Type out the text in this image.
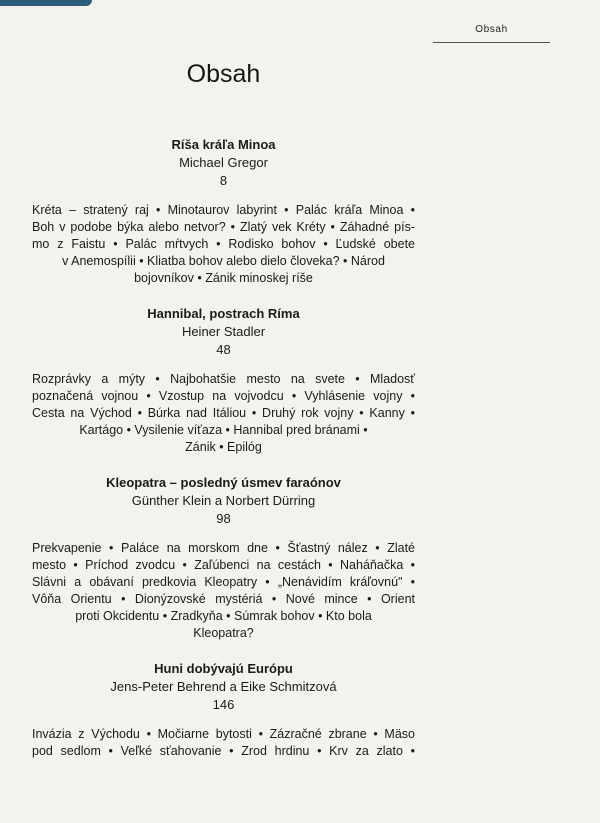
Obsah
Obsah
Ríša kráľa Minoa
Michael Gregor
8
Kréta – stratený raj • Minotaurov labyrint • Palác kráľa Minoa •
Boh v podobe býka alebo netvor? • Zlatý vek Kréty • Záhadné pís-
mo z Faistu • Palác mŕtvych • Rodisko bohov • Ľudské obete
v Anemospílii • Kliatba bohov alebo dielo človeka? • Národ
bojovníkov • Zánik minoskej ríše
Hannibal, postrach Ríma
Heiner Stadler
48
Rozprávky a mýty • Najbohatšie mesto na svete • Mladosť
poznačená vojnou • Vzostup na vojvodcu • Vyhlásenie vojny •
Cesta na Východ • Búrka nad Itáliou • Druhý rok vojny • Kanny •
Kartágo • Vysilenie víťaza • Hannibal pred bránami •
Zánik • Epilóg
Kleopatra – posledný úsmev faraónov
Günther Klein a Norbert Dürring
98
Prekvapenie • Paláce na morskom dne • Šťastný nález • Zlaté
mesto • Príchod zvodcu • Zaľúbenci na cestách • Naháňačka •
Slávni a obávaní predkovia Kleopatry • „Nenávidím kráľovnú" •
Vôňa Orientu • Dionýzovské mystériá • Nové mince • Orient
proti Okcidentu • Zradkyňa • Súmrak bohov • Kto bola
Kleopatra?
Huni dobývajú Európu
Jens-Peter Behrend a Eike Schmitzová
146
Invázia z Východu • Močiarne bytosti • Zázračné zbrane • Mäso
pod sedlom • Veľké sťahovanie • Zrod hrdinu • Krv za zlato •
